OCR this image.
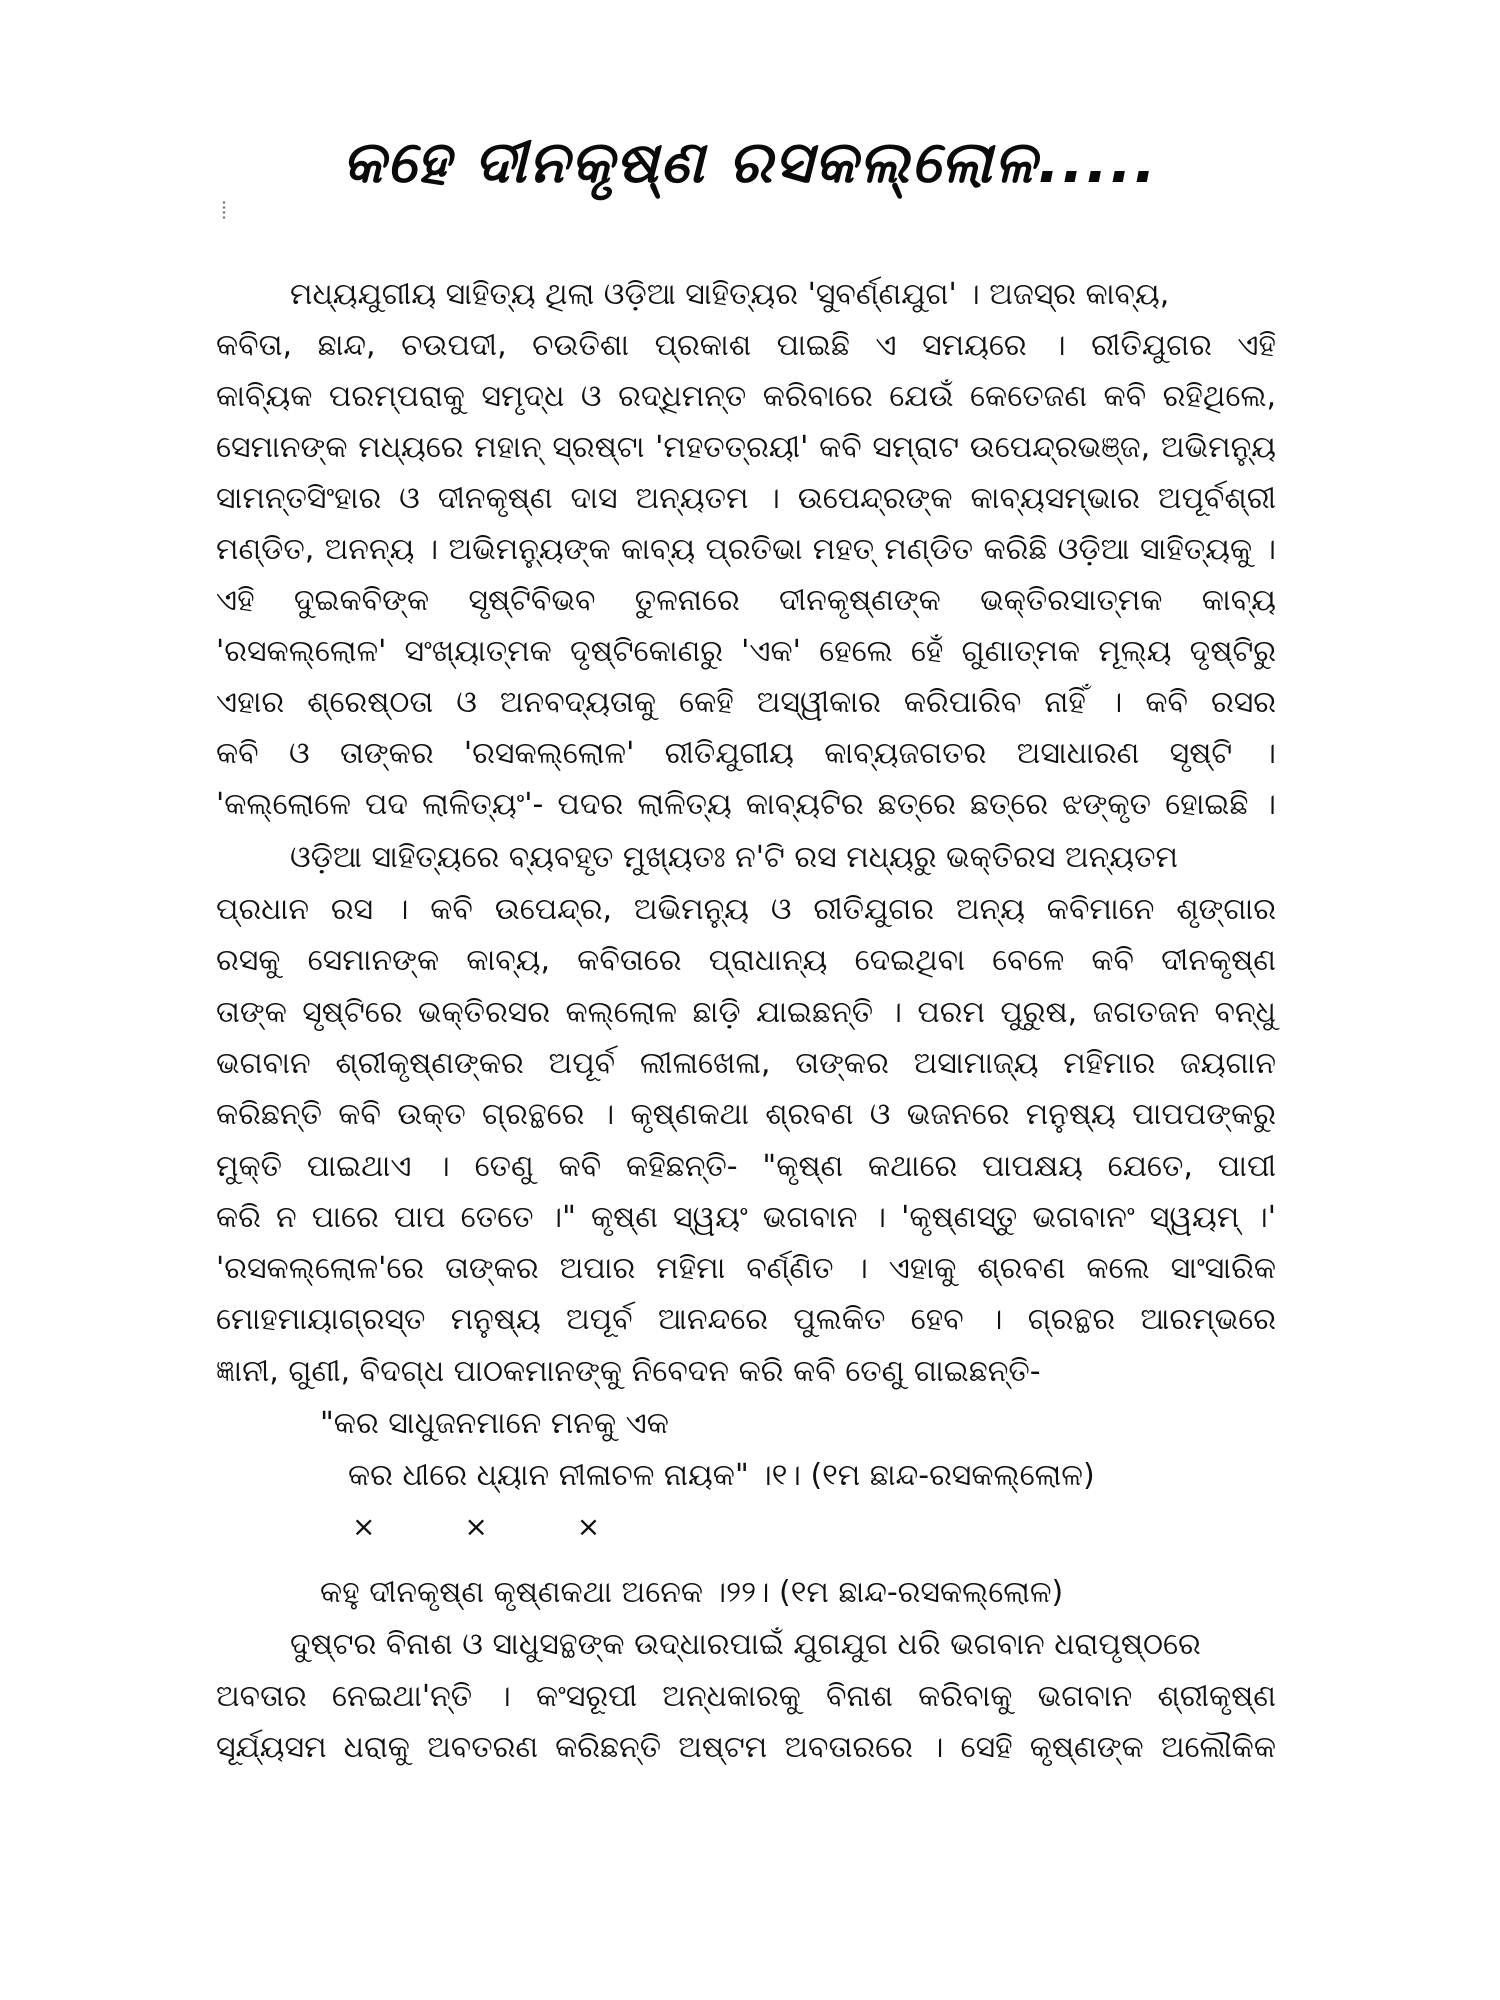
କହେ ଦୀନକୃଷ୍ଣ ରସକଲ୍ଲୋଳ.....
ମଧ୍ୟଯୁଗୀୟ ସାହିତ୍ୟ ଥିଲା ଓଡ଼ିଆ ସାହିତ୍ୟର 'ସୁବର୍ଣ୍ଣଯୁଗ' । ଅଜସ୍ର କାବ୍ୟ,
କବିତା, ଛାନ୍ଦ, ଚଉପଦୀ, ଚଉତିଶା ପ୍ରକାଶ ପାଇଛି ଏ ସମୟରେ । ରୀତିଯୁଗର ଏହି
କାବ୍ୟିକ ପରମ୍ପରାକୁ ସମୃଦ୍ଧ ଓ ରଦ୍ଧିମନ୍ତ କରିବାରେ ଯେଉଁ କେତେଜଣ କବି ରହିଥିଲେ,
ସେମାନଙ୍କ ମଧ୍ୟରେ ମହାନ୍ ସ୍ରଷ୍ଟା 'ମହତତ୍ରୟୀ' କବି ସମ୍ରାଟ ଉପେନ୍ଦ୍ରଭଞ୍ଜ, ଅଭିମନ୍ୟୁ
ସାମନ୍ତସିଂହାର ଓ ଦୀନକୃଷ୍ଣ ଦାସ ଅନ୍ୟତମ । ଉପେନ୍ଦ୍ରଙ୍କ କାବ୍ୟସମ୍ଭାର ଅପୂର୍ବଶ୍ରୀ
ମଣ୍ଡିତ, ଅନନ୍ୟ । ଅଭିମନ୍ୟୁଙ୍କ କାବ୍ୟ ପ୍ରତିଭା ମହତ୍ ମଣ୍ଡିତ କରିଛି ଓଡ଼ିଆ ସାହିତ୍ୟକୁ ।
ଏହି ଦୁଇକବିଙ୍କ ସୃଷ୍ଟିବିଭବ ତୁଳନାରେ ଦୀନକୃଷ୍ଣଙ୍କ ଭକ୍ତିରସାତ୍ମକ କାବ୍ୟ
'ରସକଲ୍ଲୋଳ' ସଂଖ୍ୟାତ୍ମକ ଦୃଷ୍ଟିକୋଣରୁ 'ଏକ' ହେଲେ ହେଁ ଗୁଣାତ୍ମକ ମୂଲ୍ୟ ଦୃଷ୍ଟିରୁ
ଏହାର ଶ୍ରେଷ୍ଠତା ଓ ଅନବଦ୍ୟତାକୁ କେହି ଅସ୍ୱୀକାର କରିପାରିବ ନାହିଁ । କବି ରସର
କବି ଓ ତାଙ୍କର 'ରସକଲ୍ଲୋଳ' ରୀତିଯୁଗୀୟ କାବ୍ୟଜଗତର ଅସାଧାରଣ ସୃଷ୍ଟି ।
'କଲ୍ଲୋଳେ ପଦ ଲାଳିତ୍ୟଂ'- ପଦର ଲାଳିତ୍ୟ କାବ୍ୟଟିର ଛତ୍ରେ ଛତ୍ରେ ଝଙ୍କୃତ ହୋଇଛି ।
ଓଡ଼ିଆ ସାହିତ୍ୟରେ ବ୍ୟବହୃତ ମୁଖ୍ୟତଃ ନ'ଟି ରସ ମଧ୍ୟରୁ ଭକ୍ତିରସ ଅନ୍ୟତମ
ପ୍ରଧାନ ରସ । କବି ଉପେନ୍ଦ୍ର, ଅଭିମନ୍ୟୁ ଓ ରୀତିଯୁଗର ଅନ୍ୟ କବିମାନେ ଶୃଙ୍ଗାର
ରସକୁ ସେମାନଙ୍କ କାବ୍ୟ, କବିତାରେ ପ୍ରାଧାନ୍ୟ ଦେଇଥିବା ବେଳେ କବି ଦୀନକୃଷ୍ଣ
ତାଙ୍କ ସୃଷ୍ଟିରେ ଭକ୍ତିରସର କଲ୍ଲୋଳ ଛାଡ଼ି ଯାଇଛନ୍ତି । ପରମ ପୁରୁଷ, ଜଗତଜନ ବନ୍ଧୁ
ଭଗବାନ ଶ୍ରୀକୃଷ୍ଣଙ୍କର ଅପୂର୍ବ ଲୀଳାଖେଳା, ତାଙ୍କର ଅସାମାଜ୍ୟ ମହିମାର ଜୟଗାନ
କରିଛନ୍ତି କବି ଉକ୍ତ ଗ୍ରନ୍ଥରେ । କୃଷ୍ଣକଥା ଶ୍ରବଣ ଓ ଭଜନରେ ମନୁଷ୍ୟ ପାପପଙ୍କରୁ
ମୁକ୍ତି ପାଇଥାଏ । ତେଣୁ କବି କହିଛନ୍ତି- "କୃଷ୍ଣ କଥାରେ ପାପକ୍ଷୟ ଯେତେ, ପାପୀ
କରି ନ ପାରେ ପାପ ତେତେ ।" କୃଷ୍ଣ ସ୍ୱୟଂ ଭଗବାନ । 'କୃଷ୍ଣସ୍ତୁ ଭଗବାନଂ ସ୍ୱୟମ୍ ।'
'ରସକଲ୍ଲୋଳ'ରେ ତାଙ୍କର ଅପାର ମହିମା ବର୍ଣ୍ଣିତ । ଏହାକୁ ଶ୍ରବଣ କଲେ ସାଂସାରିକ
ମୋହମାୟାଗ୍ରସ୍ତ ମନୁଷ୍ୟ ଅପୂର୍ବ ଆନନ୍ଦରେ ପୁଲକିତ ହେବ । ଗ୍ରନ୍ଥର ଆରମ୍ଭରେ
ଜ୍ଞାନୀ, ଗୁଣୀ, ବିଦଗ୍ଧ ପାଠକମାନଙ୍କୁ ନିବେଦନ କରି କବି ତେଣୁ ଗାଇଛନ୍ତି-
"କର ସାଧୁଜନମାନେ ମନକୁ ଏକ
କର ଧୀରେ ଧ୍ୟାନ ନୀଳାଚଳ ନାୟକ" ।୧। (୧ମ ଛାନ୍ଦ-ରସକଲ୍ଲୋଳ)
× × ×
କହୁ ଦୀନକୃଷ୍ଣ କୃଷ୍ଣକଥା ଅନେକ ।୨୨। (୧ମ ଛାନ୍ଦ-ରସକଲ୍ଲୋଳ)
ଦୁଷ୍ଟର ବିନାଶ ଓ ସାଧୁସନ୍ଥଙ୍କ ଉଦ୍ଧାରପାଇଁ ଯୁଗଯୁଗ ଧରି ଭଗବାନ ଧରାପୃଷ୍ଠରେ
ଅବତାର ନେଇଥା'ନ୍ତି । କଂସରୂପୀ ଅନ୍ଧକାରକୁ ବିନାଶ କରିବାକୁ ଭଗବାନ ଶ୍ରୀକୃଷ୍ଣ
ସୂର୍ଯ୍ୟସମ ଧରାକୁ ଅବତରଣ କରିଛନ୍ତି ଅଷ୍ଟମ ଅବତାରରେ । ସେହି କୃଷ୍ଣଙ୍କ ଅଲୌକିକ
